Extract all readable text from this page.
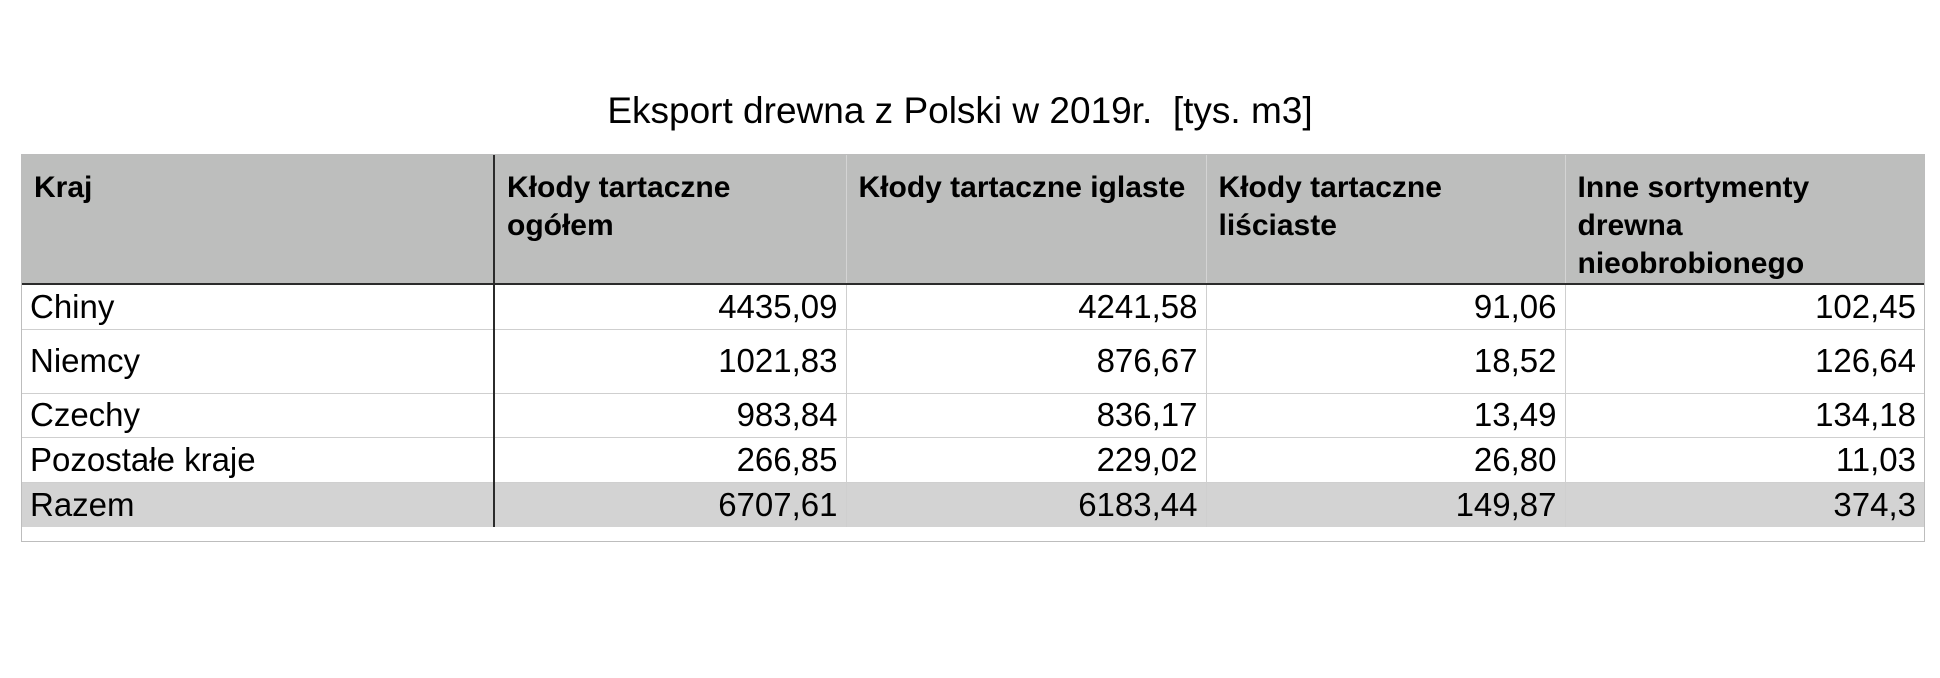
Eksport drewna z Polski w 2019r.  [tys. m3]
Kraj	Kłody tartaczne ogółem	Kłody tartaczne iglaste	Kłody tartaczne liściaste	Inne sortymenty drewna nieobrobionego
Chiny	4435,09	4241,58	91,06	102,45
Niemcy	1021,83	876,67	18,52	126,64
Czechy	983,84	836,17	13,49	134,18
Pozostałe kraje	266,85	229,02	26,80	11,03
Razem	6707,61	6183,44	149,87	374,3
